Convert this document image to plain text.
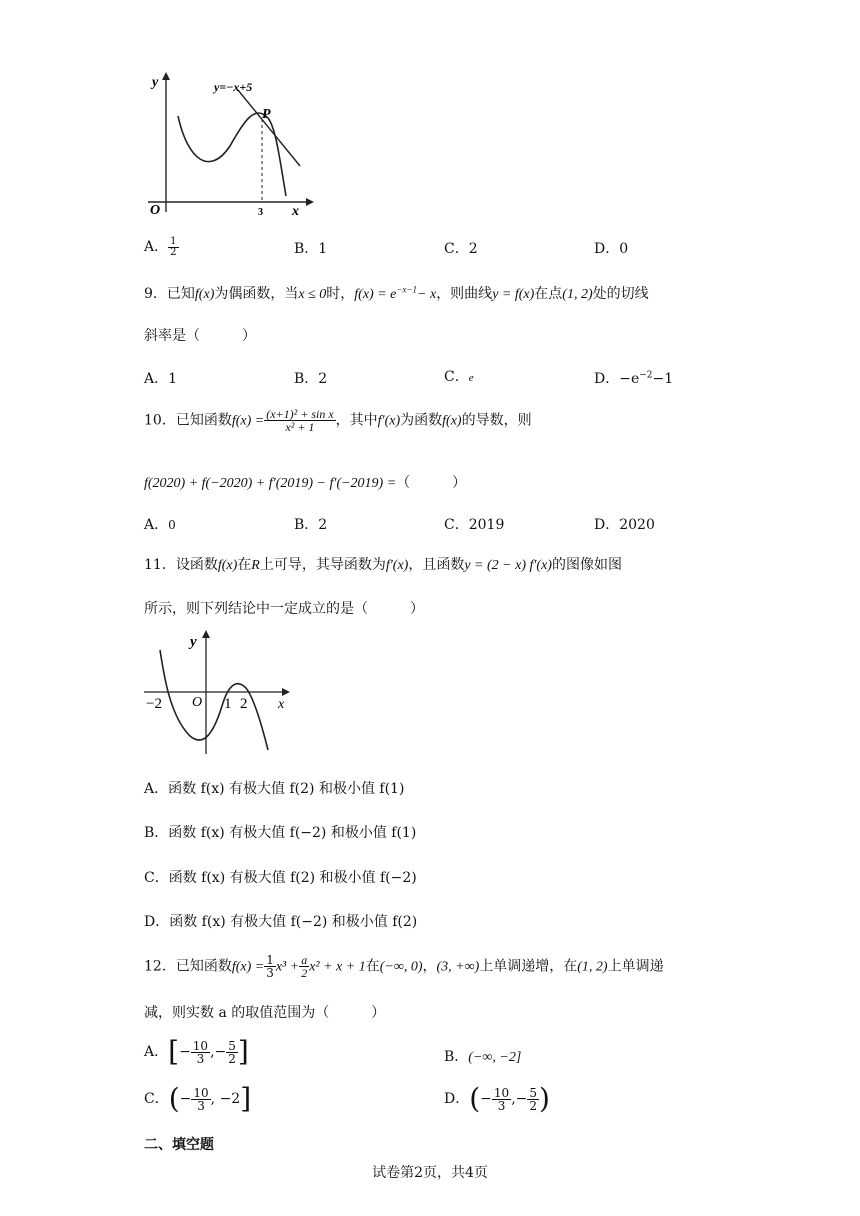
y	y=−x+5
P
O	3 x
A． $\frac{1}{2}$	B．1	C．2	D．0
9．已知f(x)为偶函数，当x ≤ 0时，$f(x) = e^{-x-1}- x$，则曲线y = f(x)在点(1, 2)处的切线
斜率是（　　　）
A．1	B．2	C．e	D．$-e^{-2}-1$
10．已知函数$f(x) = \frac{\text{(x+1)² + sin x}}{\text{x² + 1}}$ ，其中f′(x)为函数f(x)的导数，则
f(2020) + f(−2020) + f′(2019) − f′(−2019) =（　　　）
A．0	B．2	C．2019	D．2020
11．设函数f(x)在R上可导，其导函数为f′(x)，且函数y = (2 − x) f′(x)的图像如图
所示，则下列结论中一定成立的是（　　　）
y
O
−2	1 2 x
A．函数 f(x) 有极大值 f(2) 和极小值 f(1)
B．函数 f(x) 有极大值 f(−2) 和极小值 f(1)
C．函数 f(x) 有极大值 f(2) 和极小值 f(−2)
D．函数 f(x) 有极大值 f(−2) 和极小值 f(2)
12．已知函数$f(x) = \frac{1}{3} x^3 + \frac{a}{2} x^2 + x + 1$在(−∞, 0)，(3, +∞)上单调递增，在(1, 2)上单调递
减，则实数 a 的取值范围为（　　　）
A．[− $\frac{10}{3}$ ,− $\frac{5}{2}$ ]	B．(−∞, −2]
C．(− $\frac{10}{3}$ , −2]	D．(− $\frac{10}{3}$ ,− $\frac{5}{2}$ )
二、填空题
试卷第2页，共4页
